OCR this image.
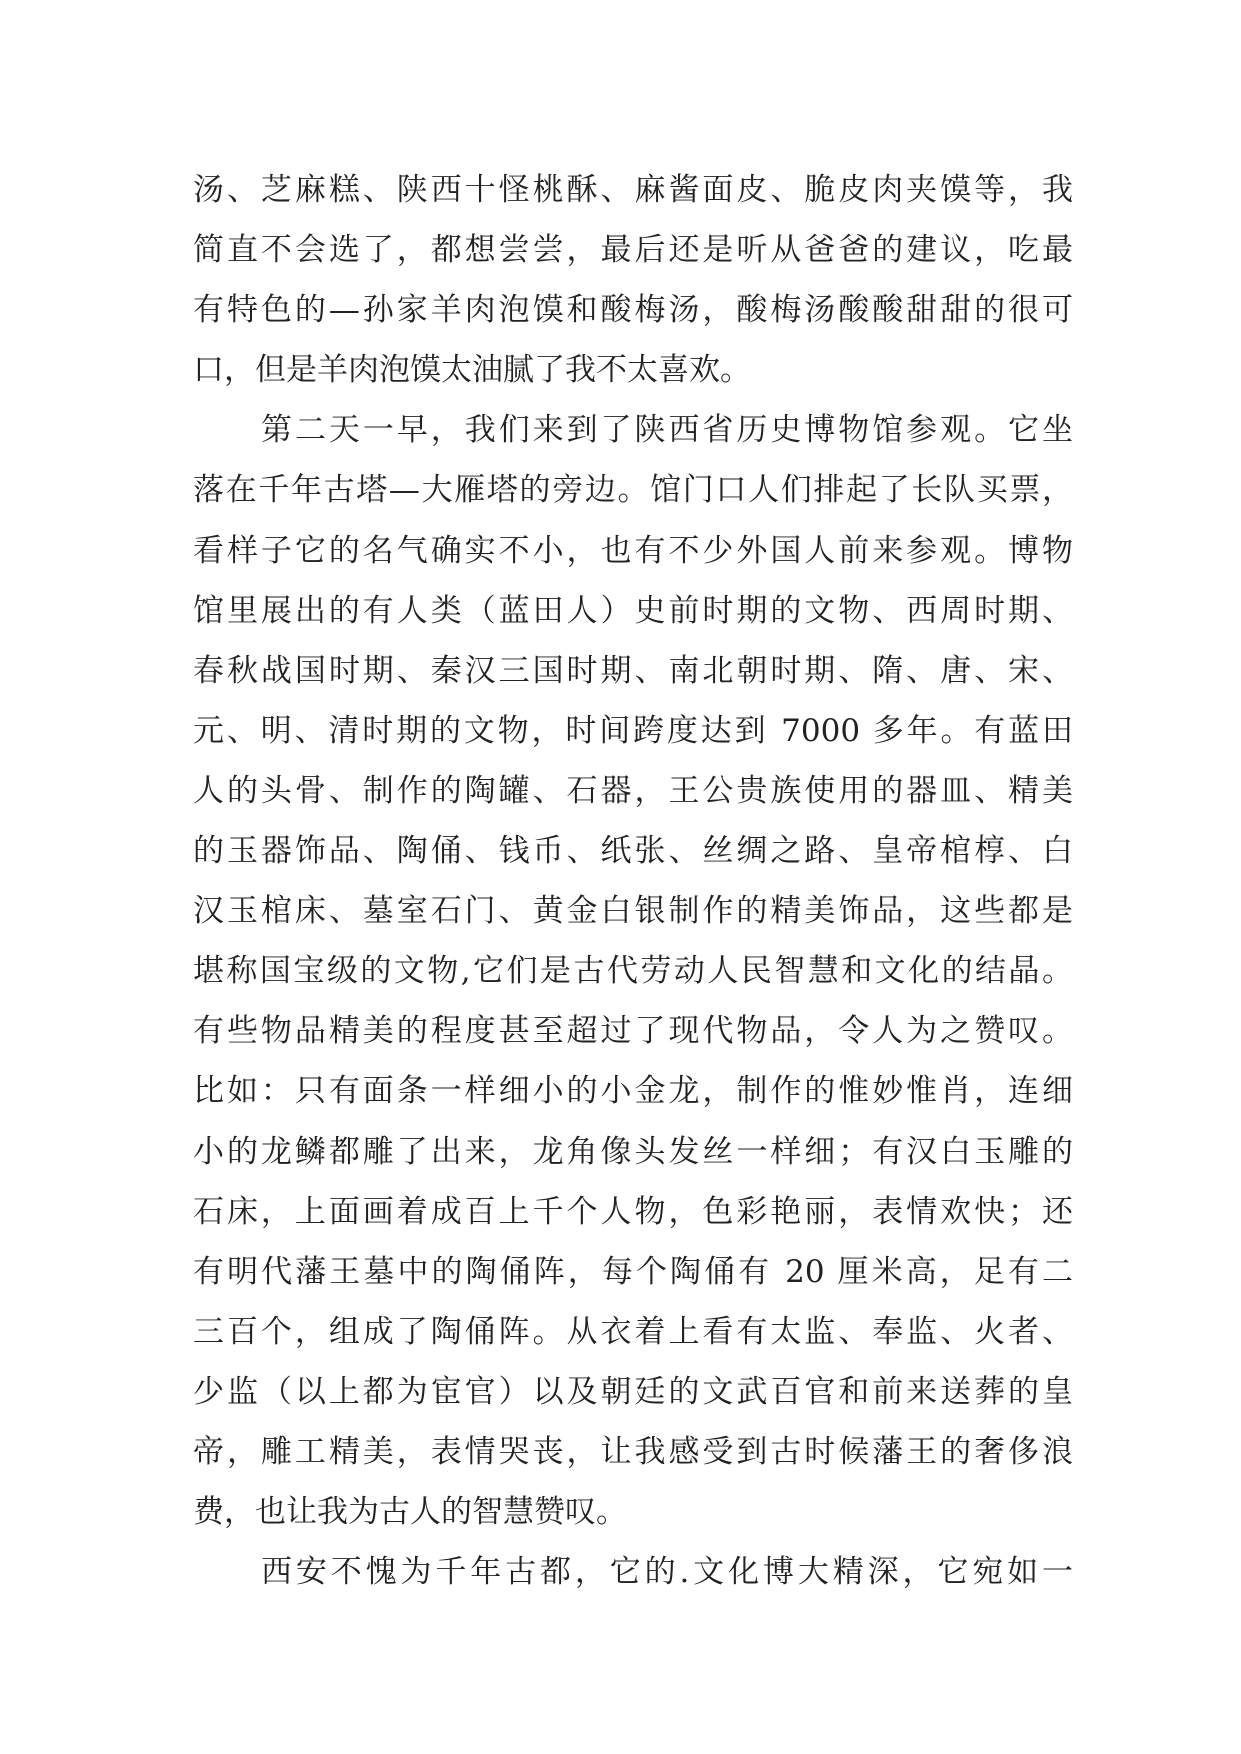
汤、芝麻糕、陕西十怪桃酥、麻酱面皮、脆皮肉夹馍等，我
简直不会选了，都想尝尝，最后还是听从爸爸的建议，吃最
有特色的—孙家羊肉泡馍和酸梅汤，酸梅汤酸酸甜甜的很可
口，但是羊肉泡馍太油腻了我不太喜欢。
第二天一早，我们来到了陕西省历史博物馆参观。它坐
落在千年古塔—大雁塔的旁边。馆门口人们排起了长队买票，
看样子它的名气确实不小，也有不少外国人前来参观。博物
馆里展出的有人类（蓝田人）史前时期的文物、西周时期、
春秋战国时期、秦汉三国时期、南北朝时期、隋、唐、宋、
元、明、清时期的文物，时间跨度达到 7000 多年。有蓝田
人的头骨、制作的陶罐、石器，王公贵族使用的器皿、精美
的玉器饰品、陶俑、钱币、纸张、丝绸之路、皇帝棺椁、白
汉玉棺床、墓室石门、黄金白银制作的精美饰品，这些都是
堪称国宝级的文物,它们是古代劳动人民智慧和文化的结晶。
有些物品精美的程度甚至超过了现代物品，令人为之赞叹。
比如：只有面条一样细小的小金龙，制作的惟妙惟肖，连细
小的龙鳞都雕了出来，龙角像头发丝一样细；有汉白玉雕的
石床，上面画着成百上千个人物，色彩艳丽，表情欢快；还
有明代藩王墓中的陶俑阵，每个陶俑有 20 厘米高，足有二
三百个，组成了陶俑阵。从衣着上看有太监、奉监、火者、
少监（以上都为宦官）以及朝廷的文武百官和前来送葬的皇
帝，雕工精美，表情哭丧，让我感受到古时候藩王的奢侈浪
费，也让我为古人的智慧赞叹。
西安不愧为千年古都，它的.文化博大精深，它宛如一
